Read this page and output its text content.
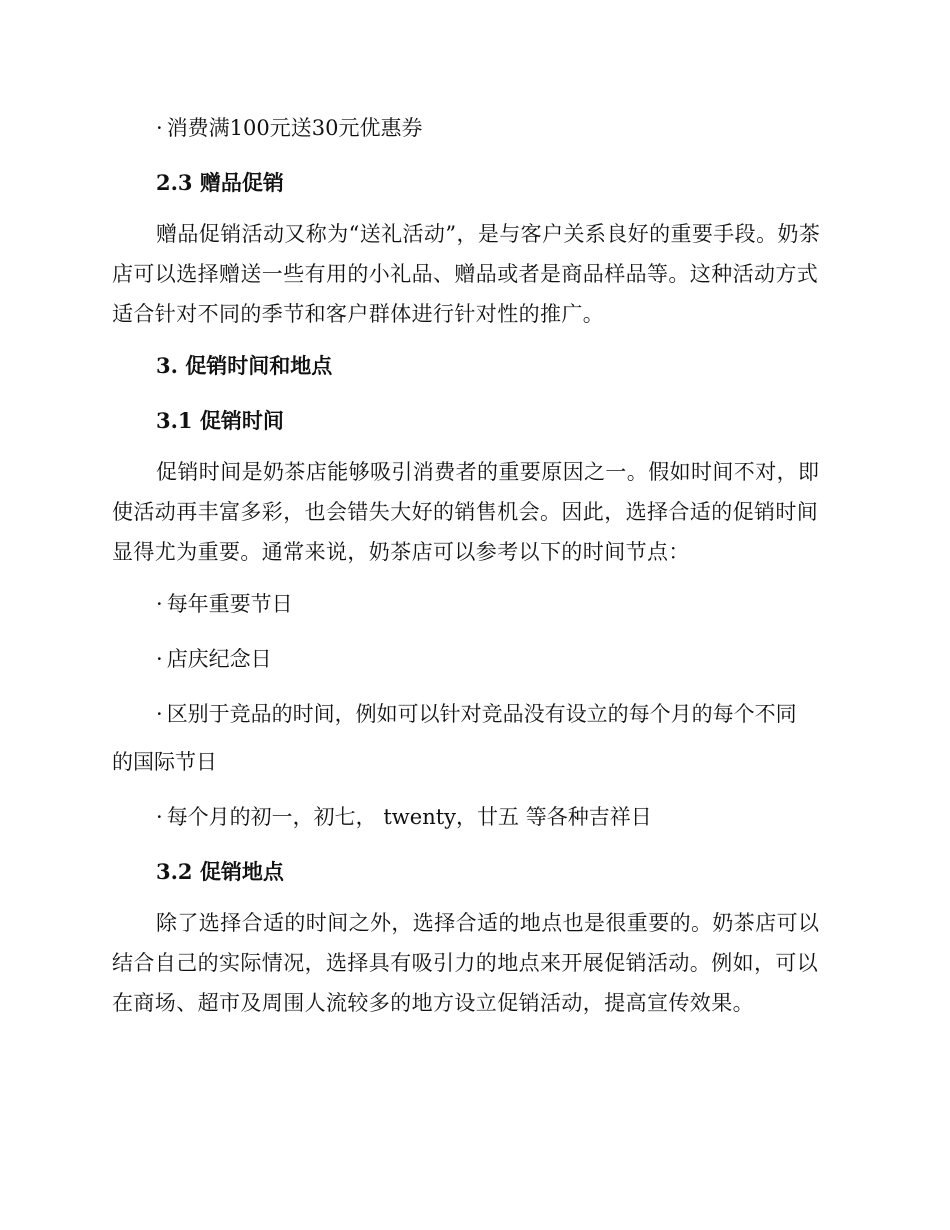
· 消费满100元送30元优惠券

2.3 赠品促销

赠品促销活动又称为“送礼活动”，是与客户关系良好的重要手段。奶茶店可以选择赠送一些有用的小礼品、赠品或者是商品样品等。这种活动方式适合针对不同的季节和客户群体进行针对性的推广。

3. 促销时间和地点

3.1 促销时间

促销时间是奶茶店能够吸引消费者的重要原因之一。假如时间不对，即使活动再丰富多彩，也会错失大好的销售机会。因此，选择合适的促销时间显得尤为重要。通常来说，奶茶店可以参考以下的时间节点：

· 每年重要节日

· 店庆纪念日

· 区别于竞品的时间，例如可以针对竞品没有设立的每个月的每个不同
的国际节日

· 每个月的初一，初七， twenty，廿五 等各种吉祥日

3.2 促销地点

除了选择合适的时间之外，选择合适的地点也是很重要的。奶茶店可以结合自己的实际情况，选择具有吸引力的地点来开展促销活动。例如，可以在商场、超市及周围人流较多的地方设立促销活动，提高宣传效果。
